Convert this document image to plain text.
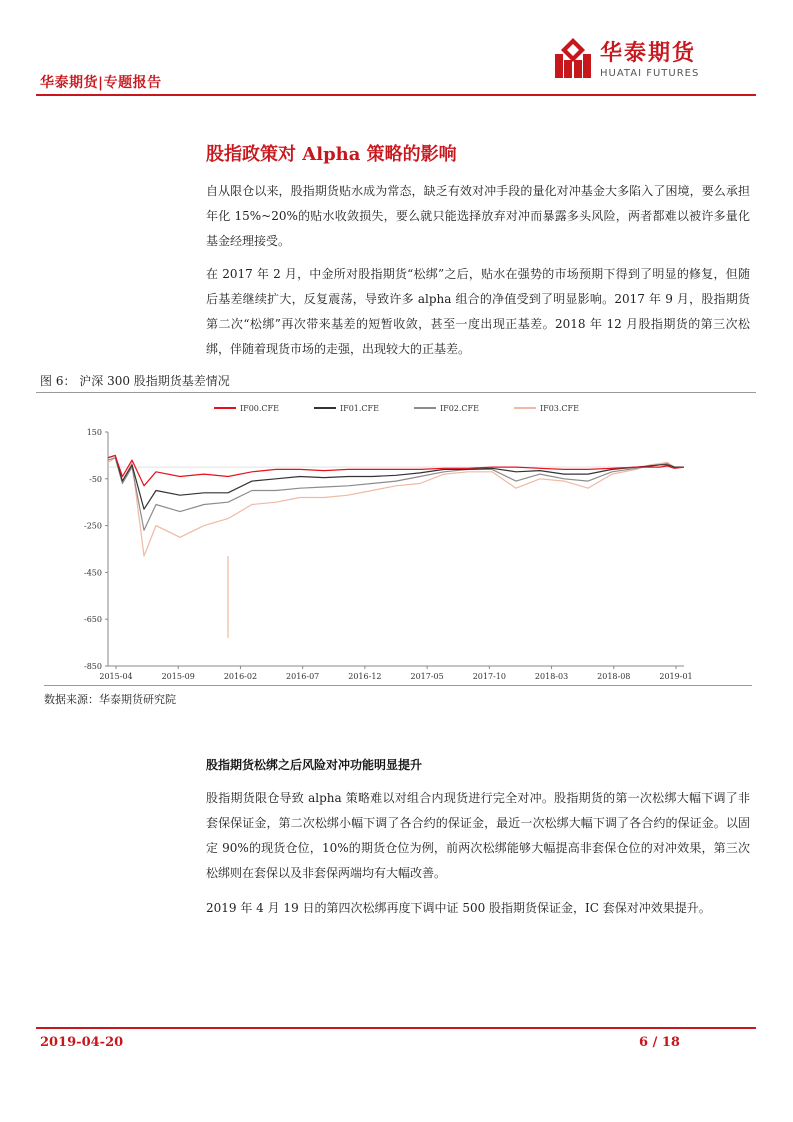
华泰期货|专题报告
华泰期货
HUATAI FUTURES
股指政策对 Alpha 策略的影响

自从限仓以来，股指期货贴水成为常态，缺乏有效对冲手段的量化对冲基金大多陷入了困境，要么承担年化 15%~20%的贴水收敛损失，要么就只能选择放弃对冲而暴露多头风险，两者都难以被许多量化基金经理接受。

在 2017 年 2 月，中金所对股指期货“松绑”之后，贴水在强势的市场预期下得到了明显的修复，但随后基差继续扩大，反复震荡，导致许多 alpha 组合的净值受到了明显影响。2017 年 9 月，股指期货第二次“松绑”再次带来基差的短暂收敛，甚至一度出现正基差。2018 年 12 月股指期货的第三次松绑，伴随着现货市场的走强，出现较大的正基差。

图 6： 沪深 300 股指期货基差情况
150
-50
-250
-450
-650
-850
2015-04	2015-09	2016-02	2016-07	2016-12	2017-05	2017-10	2018-03	2018-08	2019-01
IF00.CFE	IF01.CFE	IF02.CFE	IF03.CFE
数据来源：华泰期货研究院
股指期货松绑之后风险对冲功能明显提升

股指期货限仓导致 alpha 策略难以对组合内现货进行完全对冲。股指期货的第一次松绑大幅下调了非套保保证金，第二次松绑小幅下调了各合约的保证金，最近一次松绑大幅下调了各合约的保证金。以固定 90%的现货仓位，10%的期货仓位为例，前两次松绑能够大幅提高非套保仓位的对冲效果，第三次松绑则在套保以及非套保两端均有大幅改善。

2019 年 4 月 19 日的第四次松绑再度下调中证 500 股指期货保证金，IC 套保对冲效果提升。

2019-04-20	6 / 18
